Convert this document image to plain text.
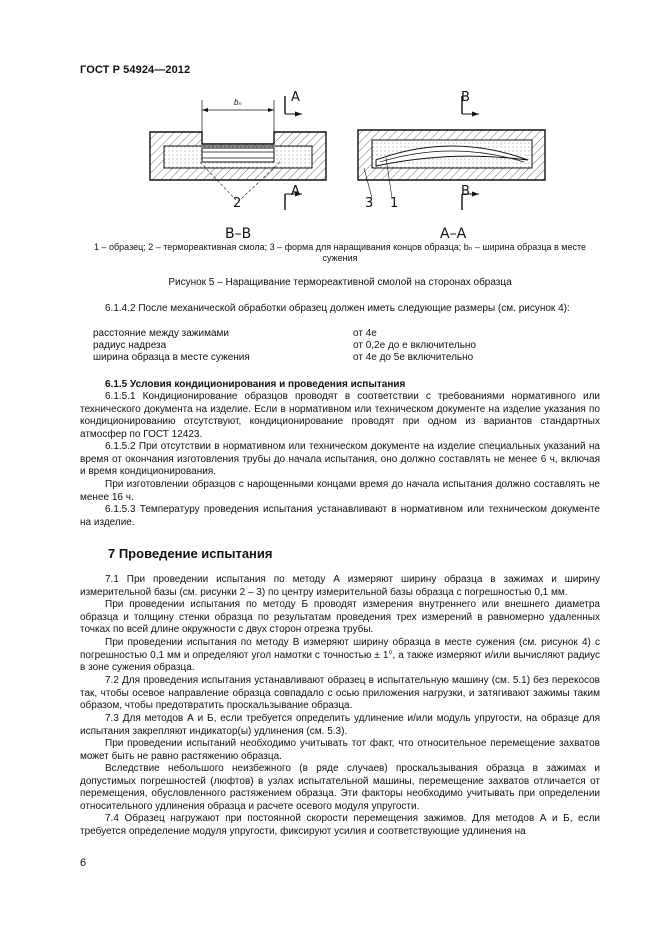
ГОСТ Р 54924—2012
bₙ	A
A
B
B
2	3 1
B–B	A–A
1 – образец; 2 – термореактивная смола; 3 – форма для наращивания концов образца; bₙ – ширина образца в месте сужения
Рисунок 5 – Наращивание термореактивной смолой на сторонах образца

6.1.4.2 После механической обработки образец должен иметь следующие размеры (см. рисунок 4):

расстояние между зажимами	от 4e
радиус надреза	от 0,2e до e включительно
ширина образца в месте сужения	от 4e до 5e включительно

6.1.5 Условия кондиционирования и проведения испытания

6.1.5.1 Кондиционирование образцов проводят в соответствии с требованиями нормативного или технического документа на изделие. Если в нормативном или техническом документе на изделие указания по кондиционированию отсутствуют, кондиционирование проводят при одном из вариантов стандартных атмосфер по ГОСТ 12423.

6.1.5.2 При отсутствии в нормативном или техническом документе на изделие специальных указаний на время от окончания изготовления трубы до начала испытания, оно должно составлять не менее 6 ч, включая и время кондиционирования.

При изготовлении образцов с нарощенными концами время до начала испытания должно составлять не менее 16 ч.

6.1.5.3 Температуру проведения испытания устанавливают в нормативном или техническом документе на изделие.

7 Проведение испытания

7.1 При проведении испытания по методу А измеряют ширину образца в зажимах и ширину измерительной базы (см. рисунки 2 – 3) по центру измерительной базы образца с погрешностью 0,1 мм.

При проведении испытания по методу Б проводят измерения внутреннего или внешнего диаметра образца и толщину стенки образца по результатам проведения трех измерений в равномерно удаленных точках по всей длине окружности с двух сторон отрезка трубы.

При проведении испытания по методу В измеряют ширину образца в месте сужения (см. рисунок 4) с погрешностью 0,1 мм и определяют угол намотки с точностью ± 1°, а также измеряют и/или вычисляют радиус в зоне сужения образца.

7.2 Для проведения испытания устанавливают образец в испытательную машину (см. 5.1) без перекосов так, чтобы осевое направление образца совпадало с осью приложения нагрузки, и затягивают зажимы таким образом, чтобы предотвратить проскальзывание образца.

7.3 Для методов А и Б, если требуется определить удлинение и/или модуль упругости, на образце для испытания закрепляют индикатор(ы) удлинения (см. 5.3).

При проведении испытаний необходимо учитывать тот факт, что относительное перемещение захватов может быть не равно растяжению образца.

Вследствие небольшого неизбежного (в ряде случаев) проскальзывания образца в зажимах и допустимых погрешностей (люфтов) в узлах испытательной машины, перемещение захватов отличается от перемещения, обусловленного растяжением образца. Эти факторы необходимо учитывать при определении относительного удлинения образца и расчете осевого модуля упругости.

7.4 Образец нагружают при постоянной скорости перемещения зажимов. Для методов А и Б, если требуется определение модуля упругости, фиксируют усилия и соответствующие удлинения на

6
